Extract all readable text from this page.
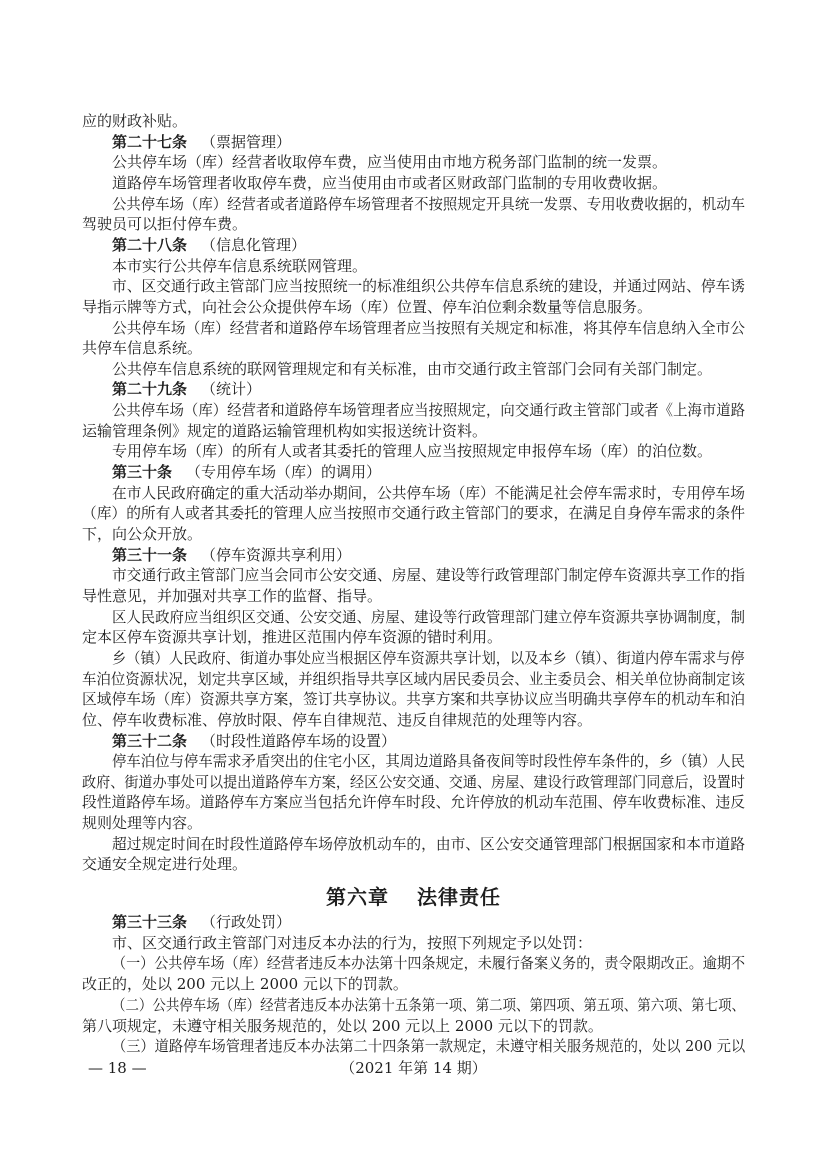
应的财政补贴。
第二十七条 （票据管理）
公共停车场（库）经营者收取停车费，应当使用由市地方税务部门监制的统一发票。
道路停车场管理者收取停车费，应当使用由市或者区财政部门监制的专用收费收据。
公共停车场（库）经营者或者道路停车场管理者不按照规定开具统一发票、专用收费收据的，机动车
驾驶员可以拒付停车费。
第二十八条 （信息化管理）
本市实行公共停车信息系统联网管理。
市、区交通行政主管部门应当按照统一的标准组织公共停车信息系统的建设，并通过网站、停车诱
导指示牌等方式，向社会公众提供停车场（库）位置、停车泊位剩余数量等信息服务。
公共停车场（库）经营者和道路停车场管理者应当按照有关规定和标准，将其停车信息纳入全市公
共停车信息系统。
公共停车信息系统的联网管理规定和有关标准，由市交通行政主管部门会同有关部门制定。
第二十九条 （统计）
公共停车场（库）经营者和道路停车场管理者应当按照规定，向交通行政主管部门或者《上海市道路
运输管理条例》规定的道路运输管理机构如实报送统计资料。
专用停车场（库）的所有人或者其委托的管理人应当按照规定申报停车场（库）的泊位数。
第三十条 （专用停车场（库）的调用）
在市人民政府确定的重大活动举办期间，公共停车场（库）不能满足社会停车需求时，专用停车场
（库）的所有人或者其委托的管理人应当按照市交通行政主管部门的要求，在满足自身停车需求的条件
下，向公众开放。
第三十一条 （停车资源共享利用）
市交通行政主管部门应当会同市公安交通、房屋、建设等行政管理部门制定停车资源共享工作的指
导性意见，并加强对共享工作的监督、指导。
区人民政府应当组织区交通、公安交通、房屋、建设等行政管理部门建立停车资源共享协调制度，制
定本区停车资源共享计划，推进区范围内停车资源的错时利用。
乡（镇）人民政府、街道办事处应当根据区停车资源共享计划，以及本乡（镇）、街道内停车需求与停
车泊位资源状况，划定共享区域，并组织指导共享区域内居民委员会、业主委员会、相关单位协商制定该
区域停车场（库）资源共享方案，签订共享协议。共享方案和共享协议应当明确共享停车的机动车和泊
位、停车收费标准、停放时限、停车自律规范、违反自律规范的处理等内容。
第三十二条 （时段性道路停车场的设置）
停车泊位与停车需求矛盾突出的住宅小区，其周边道路具备夜间等时段性停车条件的，乡（镇）人民
政府、街道办事处可以提出道路停车方案，经区公安交通、交通、房屋、建设行政管理部门同意后，设置时
段性道路停车场。道路停车方案应当包括允许停车时段、允许停放的机动车范围、停车收费标准、违反
规则处理等内容。
超过规定时间在时段性道路停车场停放机动车的，由市、区公安交通管理部门根据国家和本市道路
交通安全规定进行处理。
第三十三条 （行政处罚）
市、区交通行政主管部门对违反本办法的行为，按照下列规定予以处罚：
（一）公共停车场（库）经营者违反本办法第十四条规定，未履行备案义务的，责令限期改正。逾期不
改正的，处以 200 元以上 2000 元以下的罚款。
（二）公共停车场（库）经营者违反本办法第十五条第一项、第二项、第四项、第五项、第六项、第七项、
第八项规定，未遵守相关服务规范的，处以 200 元以上 2000 元以下的罚款。
（三）道路停车场管理者违反本办法第二十四条第一款规定，未遵守相关服务规范的，处以 200 元以
第六章 法律责任
— 18 —	（2021 年第 14 期）
